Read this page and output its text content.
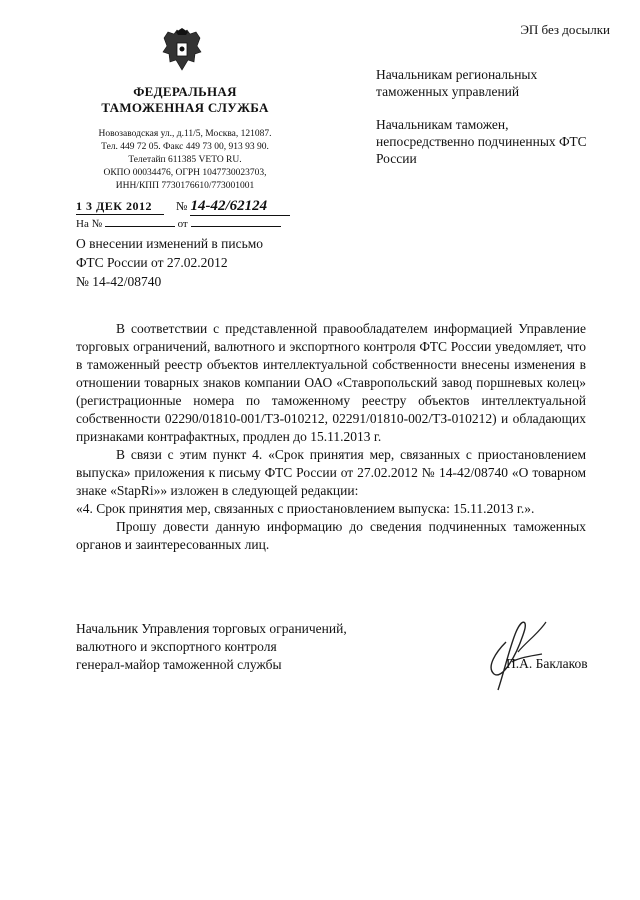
ЭП без досылки
ФЕДЕРАЛЬНАЯ
ТАМОЖЕННАЯ СЛУЖБА
Новозаводская ул., д.11/5, Москва, 121087.
Тел. 449 72 05. Факс 449 73 00, 913 93 90.
Телетайп 611385 VETO RU.
ОКПО 00034476, ОГРН 1047730023703,
ИНН/КПП 7730176610/773001001
1 3 ДЕК 2012 № 14-42/62124
На №	от
О внесении изменений в письмо
ФТС России от 27.02.2012
№ 14-42/08740

Начальникам региональных таможенных управлений

Начальникам таможен, непосредственно подчиненных ФТС России

В соответствии с представленной правообладателем информацией Управление торговых ограничений, валютного и экспортного контроля ФТС России уведомляет, что в таможенный реестр объектов интеллектуальной собственности внесены изменения в отношении товарных знаков компании ОАО «Ставропольский завод поршневых колец» (регистрационные номера по таможенному реестру объектов интеллектуальной собственности 02290/01810-001/ТЗ-010212, 02291/01810-002/ТЗ-010212) и обладающих признаками контрафактных, продлен до 15.11.2013 г.

В связи с этим пункт 4. «Срок принятия мер, связанных с приостановлением выпуска» приложения к письму ФТС России от 27.02.2012 № 14-42/08740 «О товарном знаке «StapRi»» изложен в следующей редакции:

«4. Срок принятия мер, связанных с приостановлением выпуска: 15.11.2013 г.».

Прошу довести данную информацию до сведения подчиненных таможенных органов и заинтересованных лиц.

Начальник Управления торговых ограничений,
валютного и экспортного контроля
генерал-майор таможенной службы	П.А. Баклаков
